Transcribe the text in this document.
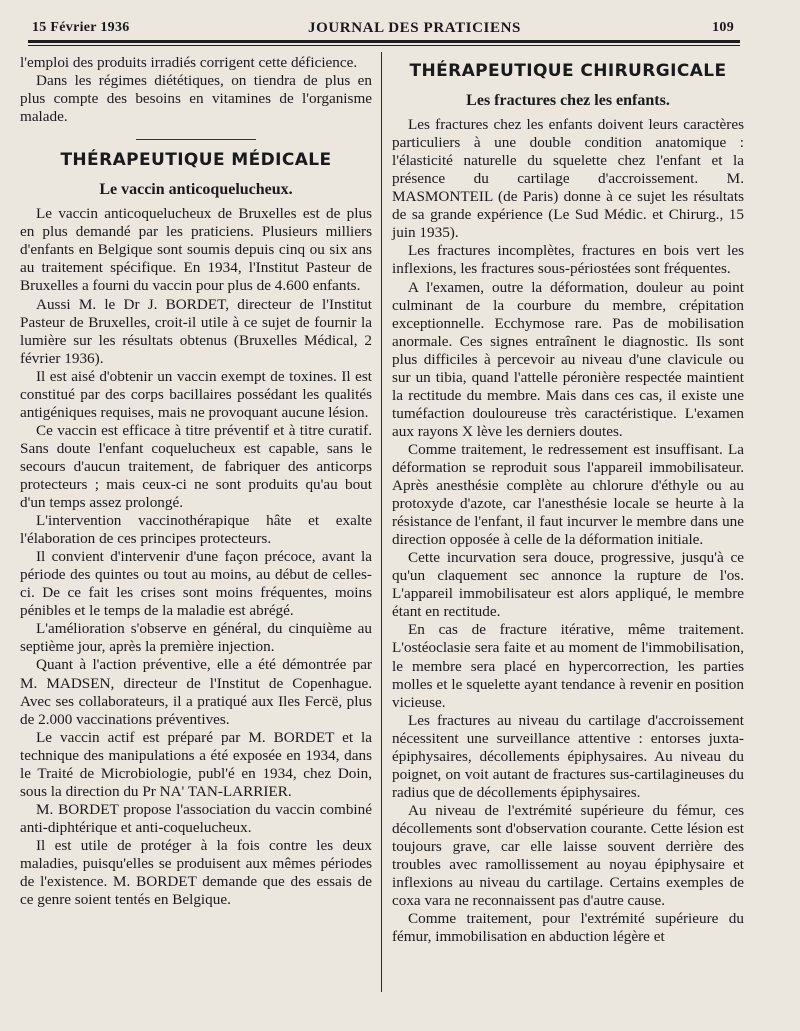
15 Février 1936	JOURNAL DES PRATICIENS	109

l'emploi des produits irradiés corrigent cette déficience.

Dans les régimes diététiques, on tiendra de plus en plus compte des besoins en vitamines de l'organisme malade.

THÉRAPEUTIQUE MÉDICALE
Le vaccin anticoquelucheux.

Le vaccin anticoquelucheux de Bruxelles est de plus en plus demandé par les praticiens. Plusieurs milliers d'enfants en Belgique sont soumis depuis cinq ou six ans au traitement spécifique. En 1934, l'Institut Pasteur de Bruxelles a fourni du vaccin pour plus de 4.600 enfants.

Aussi M. le Dr J. BORDET, directeur de l'Institut Pasteur de Bruxelles, croit-il utile à ce sujet de fournir la lumière sur les résultats obtenus (Bruxelles Médical, 2 février 1936).

Il est aisé d'obtenir un vaccin exempt de toxines. Il est constitué par des corps bacillaires possédant les qualités antigéniques requises, mais ne provoquant aucune lésion.

Ce vaccin est efficace à titre préventif et à titre curatif. Sans doute l'enfant coquelucheux est capable, sans le secours d'aucun traitement, de fabriquer des anticorps protecteurs ; mais ceux-ci ne sont produits qu'au bout d'un temps assez prolongé.

L'intervention vaccinothérapique hâte et exalte l'élaboration de ces principes protecteurs.

Il convient d'intervenir d'une façon précoce, avant la période des quintes ou tout au moins, au début de celles-ci. De ce fait les crises sont moins fréquentes, moins pénibles et le temps de la maladie est abrégé.

L'amélioration s'observe en général, du cinquième au septième jour, après la première injection.

Quant à l'action préventive, elle a été démontrée par M. MADSEN, directeur de l'Institut de Copenhague. Avec ses collaborateurs, il a pratiqué aux Iles Fercë, plus de 2.000 vaccinations préventives.

Le vaccin actif est préparé par M. BORDET et la technique des manipulations a été exposée en 1934, dans le Traité de Microbiologie, publ'é en 1934, chez Doin, sous la direction du Pr NA' TAN-LARRIER.

M. BORDET propose l'association du vaccin combiné anti-diphtérique et anti-coquelucheux.

Il est utile de protéger à la fois contre les deux maladies, puisqu'elles se produisent aux mêmes périodes de l'existence. M. BORDET demande que des essais de ce genre soient tentés en Belgique.

THÉRAPEUTIQUE CHIRURGICALE
Les fractures chez les enfants.

Les fractures chez les enfants doivent leurs caractères particuliers à une double condition anatomique : l'élasticité naturelle du squelette chez l'enfant et la présence du cartilage d'accroissement. M. MASMONTEIL (de Paris) donne à ce sujet les résultats de sa grande expérience (Le Sud Médic. et Chirurg., 15 juin 1935).

Les fractures incomplètes, fractures en bois vert les inflexions, les fractures sous-périostées sont fréquentes.

A l'examen, outre la déformation, douleur au point culminant de la courbure du membre, crépitation exceptionnelle. Ecchymose rare. Pas de mobilisation anormale. Ces signes entraînent le diagnostic. Ils sont plus difficiles à percevoir au niveau d'une clavicule ou sur un tibia, quand l'attelle péronière respectée maintient la rectitude du membre. Mais dans ces cas, il existe une tuméfaction douloureuse très caractéristique. L'examen aux rayons X lève les derniers doutes.

Comme traitement, le redressement est insuffisant. La déformation se reproduit sous l'appareil immobilisateur. Après anesthésie complète au chlorure d'éthyle ou au protoxyde d'azote, car l'anesthésie locale se heurte à la résistance de l'enfant, il faut incurver le membre dans une direction opposée à celle de la déformation initiale.

Cette incurvation sera douce, progressive, jusqu'à ce qu'un claquement sec annonce la rupture de l'os. L'appareil immobilisateur est alors appliqué, le membre étant en rectitude.

En cas de fracture itérative, même traitement. L'ostéoclasie sera faite et au moment de l'immobilisation, le membre sera placé en hypercorrection, les parties molles et le squelette ayant tendance à revenir en position vicieuse.

Les fractures au niveau du cartilage d'accroissement nécessitent une surveillance attentive : entorses juxta-épiphysaires, décollements épiphysaires. Au niveau du poignet, on voit autant de fractures sus-cartilagineuses du radius que de décollements épiphysaires.

Au niveau de l'extrémité supérieure du fémur, ces décollements sont d'observation courante. Cette lésion est toujours grave, car elle laisse souvent derrière des troubles avec ramollissement au noyau épiphysaire et inflexions au niveau du cartilage. Certains exemples de coxa vara ne reconnaissent pas d'autre cause.

Comme traitement, pour l'extrémité supérieure du fémur, immobilisation en abduction légère et
